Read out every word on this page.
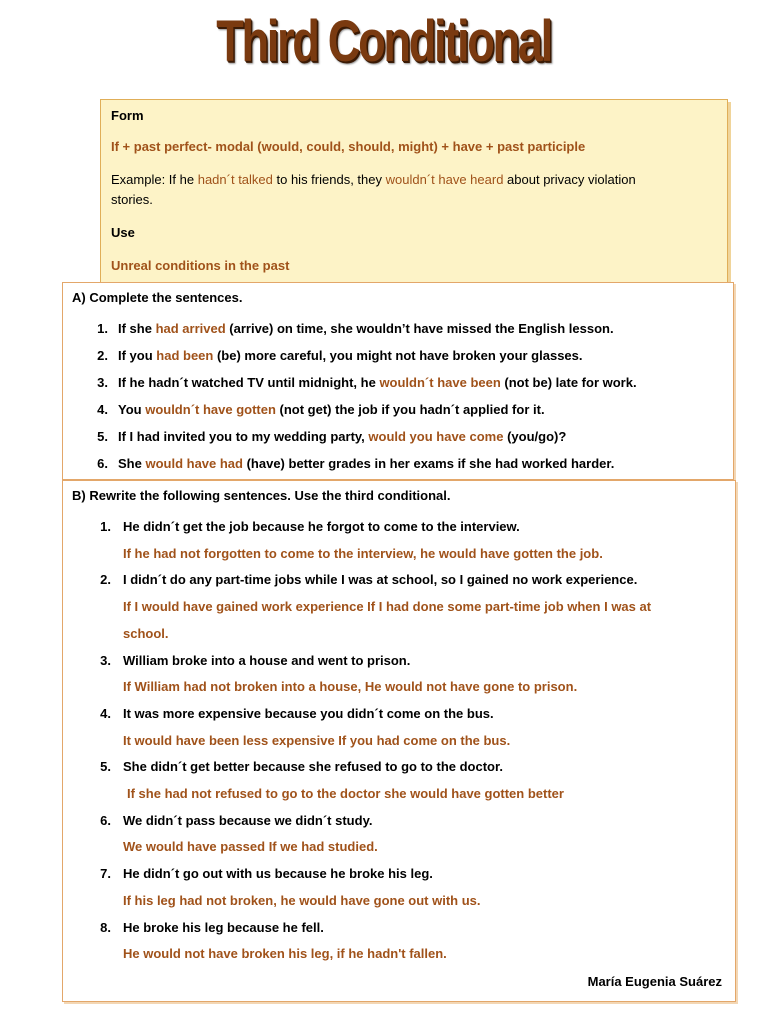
Third Conditional
Form
If + past perfect- modal (would, could, should, might) + have + past participle
Example: If he hadn´t talked to his friends, they wouldn´t have heard about privacy violation
stories.
Use
Unreal conditions in the past
A) Complete the sentences.
1. If she had arrived (arrive) on time, she wouldn’t have missed the English lesson.
2. If you had been (be) more careful, you might not have broken your glasses.
3. If he hadn´t watched TV until midnight, he wouldn´t have been (not be) late for work.
4. You wouldn´t have gotten (not get) the job if you hadn´t applied for it.
5. If I had invited you to my wedding party, would you have come (you/go)?
6. She would have had (have) better grades in her exams if she had worked harder.
B) Rewrite the following sentences. Use the third conditional.
1. He didn´t get the job because he forgot to come to the interview.
If he had not forgotten to come to the interview, he would have gotten the job.
2. I didn´t do any part-time jobs while I was at school, so I gained no work experience.
If I would have gained work experience If I had done some part-time job when I was at
school.
3. William broke into a house and went to prison.
If William had not broken into a house, He would not have gone to prison.
4. It was more expensive because you didn´t come on the bus.
It would have been less expensive If you had come on the bus.
5. She didn´t get better because she refused to go to the doctor.
If she had not refused to go to the doctor she would have gotten better
6. We didn´t pass because we didn´t study.
We would have passed If we had studied.
7. He didn´t go out with us because he broke his leg.
If his leg had not broken, he would have gone out with us.
8. He broke his leg because he fell.
He would not have broken his leg, if he hadn't fallen.
María Eugenia Suárez
